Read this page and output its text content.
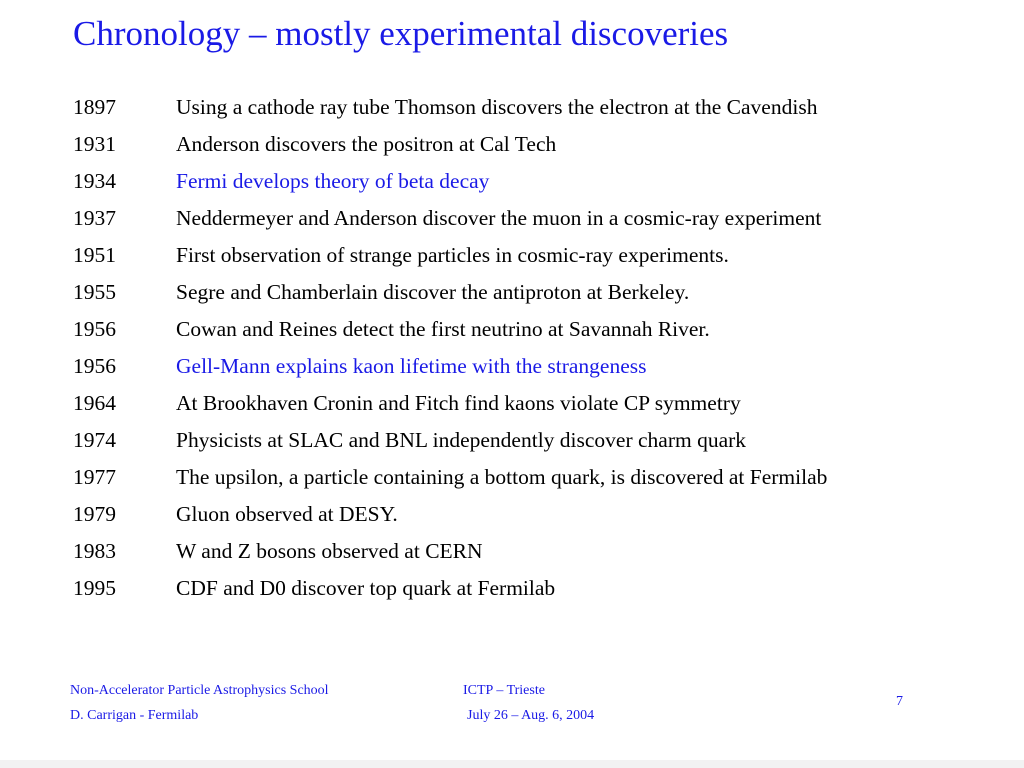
Chronology – mostly experimental discoveries
1897	Using a cathode ray tube Thomson discovers the electron at the Cavendish
1931	Anderson discovers the positron at Cal Tech
1934	Fermi develops theory of beta decay
1937	Neddermeyer and Anderson discover the muon in a cosmic-ray experiment
1951	First observation of strange particles in cosmic-ray experiments.
1955	Segre and Chamberlain discover the antiproton at Berkeley.
1956	Cowan and Reines detect the first neutrino at Savannah River.
1956	Gell-Mann explains kaon lifetime with the strangeness
1964	At Brookhaven Cronin and Fitch find kaons violate CP symmetry
1974	Physicists at SLAC and BNL independently discover charm quark
1977	The upsilon, a particle containing a bottom quark, is discovered at Fermilab
1979	Gluon observed at DESY.
1983	W and Z bosons observed at CERN
1995	CDF and D0 discover top quark at Fermilab
Non-Accelerator Particle Astrophysics School	ICTP – Trieste
D. Carrigan - Fermilab	July 26 – Aug. 6, 2004
7
